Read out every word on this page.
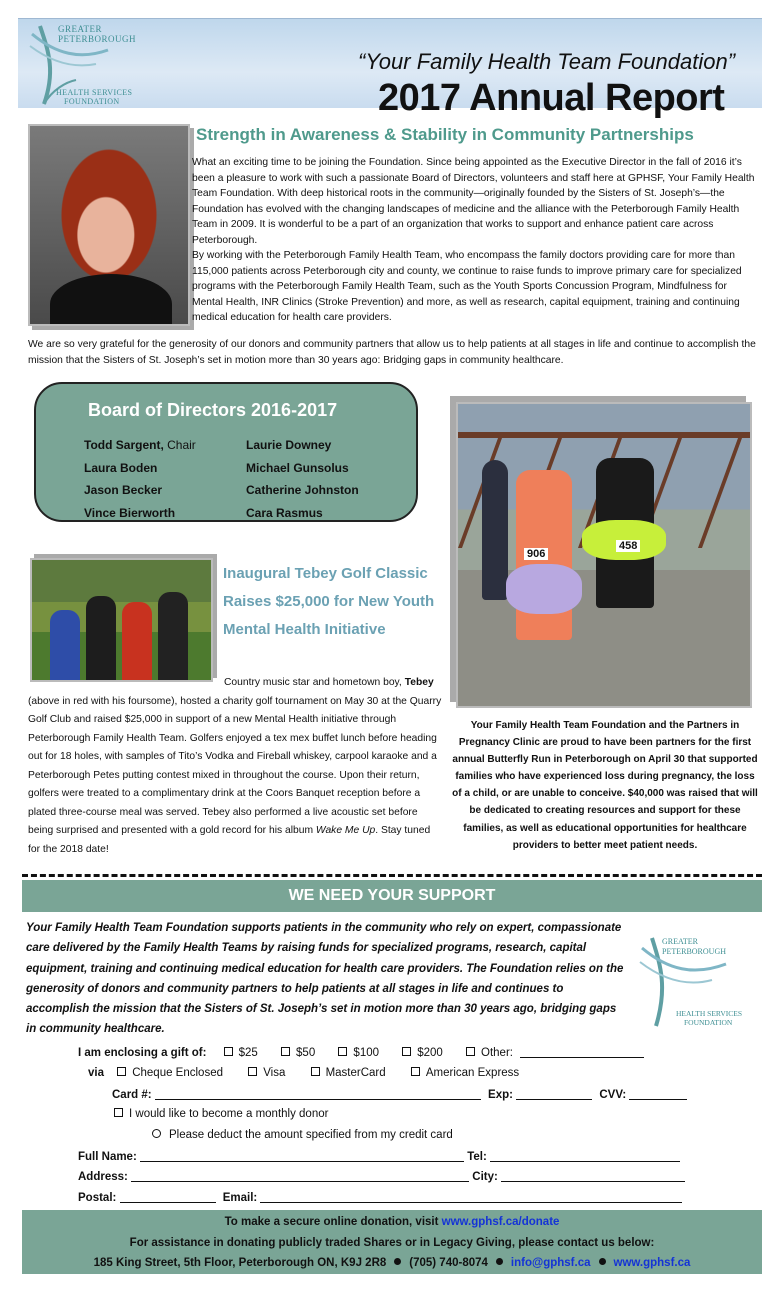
“Your Family Health Team Foundation”
2017 Annual Report
GREATER
PETERBOROUGH
HEALTH SERVICES
FOUNDATION
Strength in Awareness & Stability in Community Partnerships

What an exciting time to be joining the Foundation. Since being appointed as the Executive Director in the fall of 2016 it’s been a pleasure to work with such a passionate Board of Directors, volunteers and staff here at GPHSF, Your Family Health Team Foundation. With deep historical roots in the community—originally founded by the Sisters of St. Joseph’s—the Foundation has evolved with the changing landscapes of medicine and the alliance with the Peterborough Family Health Team in 2009. It is wonderful to be a part of an organization that works to support and enhance patient care across Peterborough.

By working with the Peterborough Family Health Team, who encompass the family doctors providing care for more than 115,000 patients across Peterborough city and county, we continue to raise funds to improve primary care for specialized programs with the Peterborough Family Health Team, such as the Youth Sports Concussion Program, Mindfulness for Mental Health, INR Clinics (Stroke Prevention) and more, as well as research, capital equipment, training and continuing medical education for health care providers.

We are so very grateful for the generosity of our donors and community partners that allow us to help patients at all stages in life and continue to accomplish the mission that the Sisters of St. Joseph’s set in motion more than 30 years ago: Bridging gaps in community healthcare.
Board of Directors 2016-2017
Todd Sargent, Chair
Laura Boden
Jason Becker
Vince Bierworth
Laurie Downey
Michael Gunsolus
Catherine Johnston
Cara Rasmus
Inaugural Tebey Golf Classic Raises $25,000 for New Youth Mental Health Initiative
Country music star and hometown boy, Tebey (above in red with his foursome), hosted a charity golf tournament on May 30 at the Quarry Golf Club and raised $25,000 in support of a new Mental Health initiative through Peterborough Family Health Team. Golfers enjoyed a tex mex buffet lunch before heading out for 18 holes, with samples of Tito’s Vodka and Fireball whiskey, carpool karaoke and a Peterborough Petes putting contest mixed in throughout the course. Upon their return, golfers were treated to a complimentary drink at the Coors Banquet reception before a plated three-course meal was served. Tebey also performed a live acoustic set before being surprised and presented with a gold record for his album Wake Me Up. Stay tuned for the 2018 date!
906
458
Your Family Health Team Foundation and the Partners in Pregnancy Clinic are proud to have been partners for the first annual Butterfly Run in Peterborough on April 30 that supported families who have experienced loss during pregnancy, the loss of a child, or are unable to conceive. $40,000 was raised that will be dedicated to creating resources and support for these families, as well as educational opportunities for healthcare providers to better meet patient needs.
WE NEED YOUR SUPPORT
Your Family Health Team Foundation supports patients in the community who rely on expert, compassionate care delivered by the Family Health Teams by raising funds for specialized programs, research, capital equipment, training and continuing medical education for health care providers. The Foundation relies on the generosity of donors and community partners to help patients at all stages in life and continues to accomplish the mission that the Sisters of St. Joseph’s set in motion more than 30 years ago, bridging gaps in community healthcare.
GREATER
PETERBOROUGH
HEALTH SERVICES
FOUNDATION
I am enclosing a gift of:	$25	$50	$100	$200	Other:
via Cheque Enclosed	Visa	MasterCard	American Express
Card #:	Exp:	CVV:
I would like to become a monthly donor
Please deduct the amount specified from my credit card
Full Name:	Tel:
Address:	City:
Postal:	Email:
To make a secure online donation, visit www.gphsf.ca/donate
For assistance in donating publicly traded Shares or in Legacy Giving, please contact us below:
185 King Street, 5th Floor, Peterborough ON, K9J 2R8 (705) 740-8074 info@gphsf.ca www.gphsf.ca
